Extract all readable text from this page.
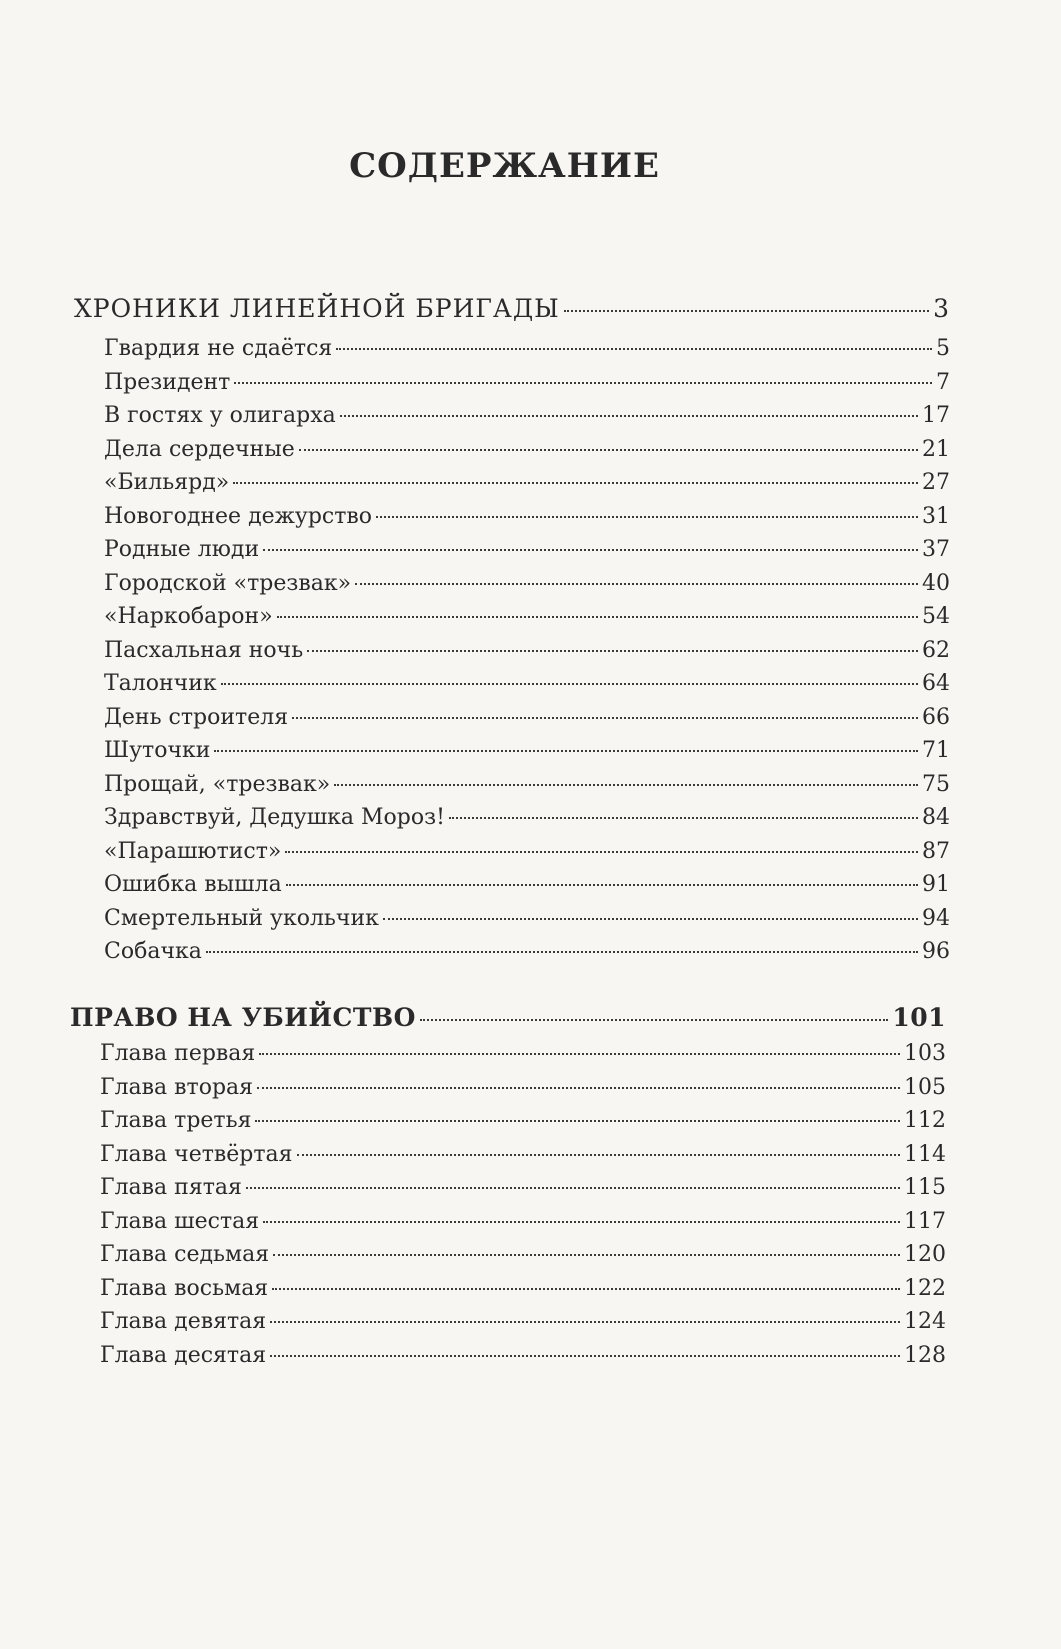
СОДЕРЖАНИЕ
ХРОНИКИ ЛИНЕЙНОЙ БРИГАДЫ	3
Гвардия не сдаётся	5
Президент	7
В гостях у олигарха	17
Дела сердечные	21
«Бильярд»	27
Новогоднее дежурство	31
Родные люди	37
Городской «трезвак»	40
«Наркобарон»	54
Пасхальная ночь	62
Талончик	64
День строителя	66
Шуточки	71
Прощай, «трезвак»	75
Здравствуй, Дедушка Мороз!	84
«Парашютист»	87
Ошибка вышла	91
Смертельный укольчик	94
Собачка	96
ПРАВО НА УБИЙСТВО	101
Глава первая	103
Глава вторая	105
Глава третья	112
Глава четвёртая	114
Глава пятая	115
Глава шестая	117
Глава седьмая	120
Глава восьмая	122
Глава девятая	124
Глава десятая	128
